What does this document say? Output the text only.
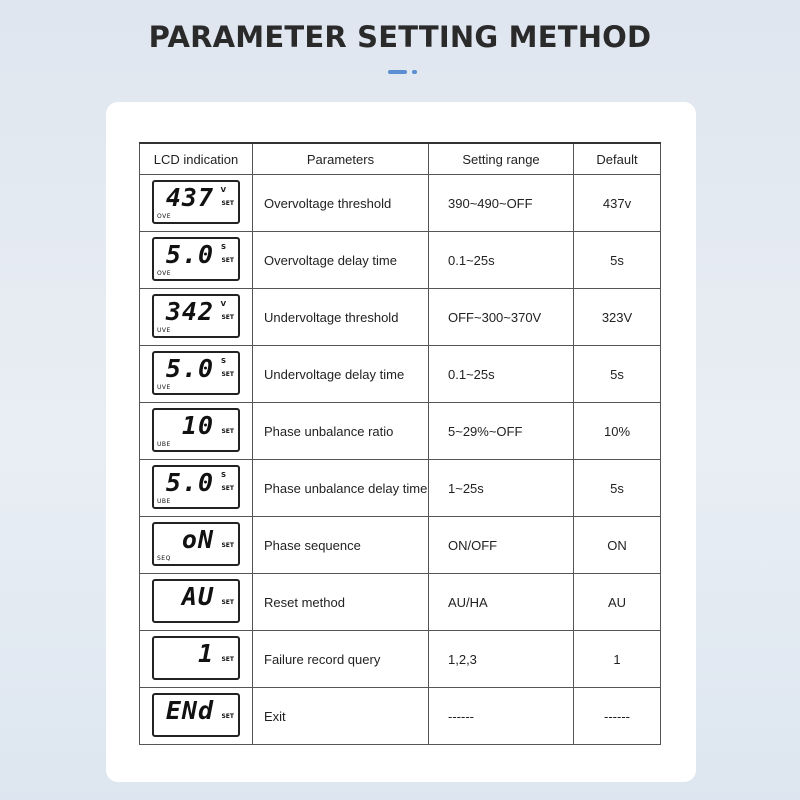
PARAMETER SETTING METHOD
LCD indication	Parameters	Setting range	Default

437 V
SET
OVE	Overvoltage threshold	390~490~OFF	437v

5.0 S
SET
OVE	Overvoltage delay time	0.1~25s	5s

342 V
SET
UVE	Undervoltage threshold	OFF~300~370V	323V

5.0 S
SET
UVE	Undervoltage delay time	0.1~25s	5s

10 SET
UBE	Phase unbalance ratio	5~29%~OFF	10%

5.0 S
SET
UBE	Phase unbalance delay time	1~25s	5s

oN SET
SEQ	Phase sequence	ON/OFF	ON

AU SET	Reset method	AU/HA	AU

1 SET	Failure record query	1,2,3	1

ENd SET	Exit	------	------
